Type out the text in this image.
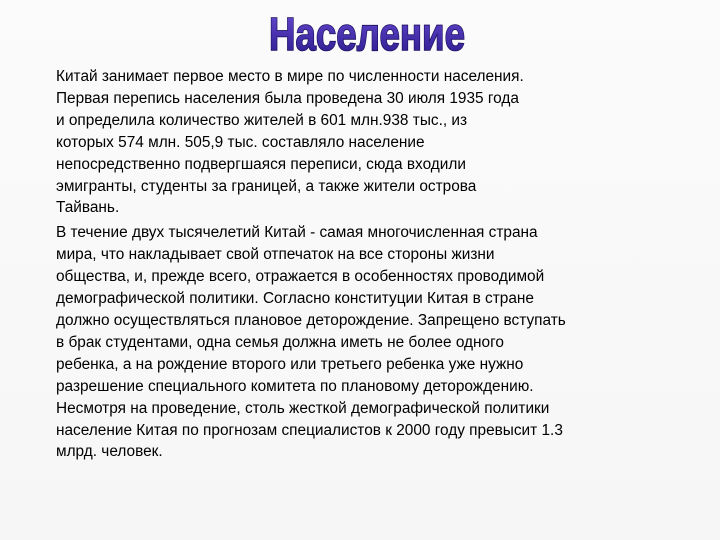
Население

Китай занимает первое место в мире по численности населения.
Первая перепись населения была проведена 30 июля 1935 года
и определила количество жителей в 601 млн.938 тыс., из
которых 574 млн. 505,9 тыс. составляло население
непосредственно подвергшаяся переписи, сюда входили
эмигранты, студенты за границей, а также жители острова
Тайвань.

В течение двух тысячелетий Китай - самая многочисленная страна
мира, что накладывает свой отпечаток на все стороны жизни
общества, и, прежде всего, отражается в особенностях проводимой
демографической политики. Согласно конституции Китая в стране
должно осуществляться плановое деторождение. Запрещено вступать
в брак студентами, одна семья должна иметь не более одного
ребенка, а на рождение второго или третьего ребенка уже нужно
разрешение специального комитета по плановому деторождению.
Несмотря на проведение, столь жесткой демографической политики
население Китая по прогнозам специалистов к 2000 году превысит 1.3
млрд. человек.
